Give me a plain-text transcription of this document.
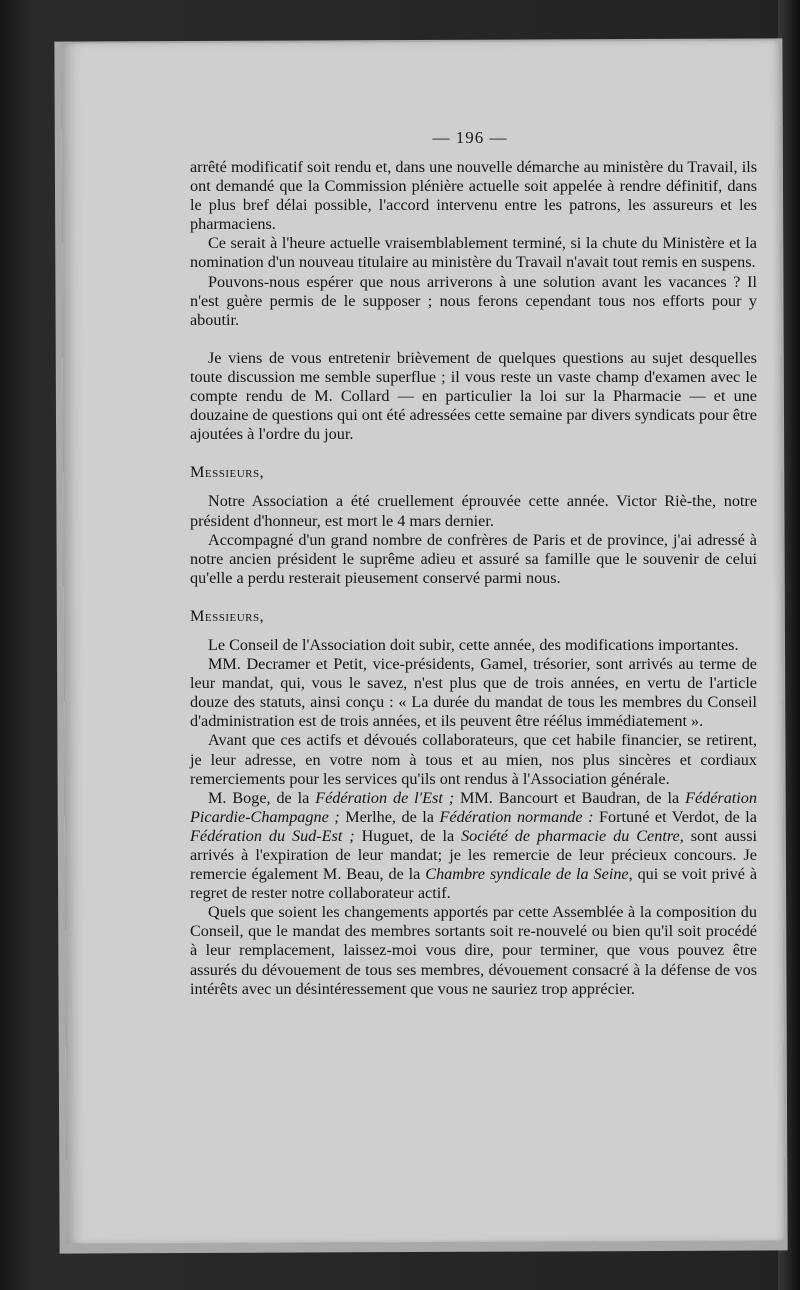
— 196 —

arrêté modificatif soit rendu et, dans une nouvelle démarche au ministère du Travail, ils ont demandé que la Commission plénière actuelle soit appelée à rendre définitif, dans le plus bref délai possible, l'accord intervenu entre les patrons, les assureurs et les pharmaciens.

Ce serait à l'heure actuelle vraisemblablement terminé, si la chute du Ministère et la nomination d'un nouveau titulaire au ministère du Travail n'avait tout remis en suspens.

Pouvons-nous espérer que nous arriverons à une solution avant les vacances ? Il n'est guère permis de le supposer ; nous ferons cependant tous nos efforts pour y aboutir.

Je viens de vous entretenir brièvement de quelques questions au sujet desquelles toute discussion me semble superflue ; il vous reste un vaste champ d'examen avec le compte rendu de M. Collard — en particulier la loi sur la Pharmacie — et une douzaine de questions qui ont été adressées cette semaine par divers syndicats pour être ajoutées à l'ordre du jour.

Messieurs,

Notre Association a été cruellement éprouvée cette année. Victor Riè-the, notre président d'honneur, est mort le 4 mars dernier.

Accompagné d'un grand nombre de confrères de Paris et de province, j'ai adressé à notre ancien président le suprême adieu et assuré sa famille que le souvenir de celui qu'elle a perdu resterait pieusement conservé parmi nous.

Messieurs,

Le Conseil de l'Association doit subir, cette année, des modifications importantes.

MM. Decramer et Petit, vice-présidents, Gamel, trésorier, sont arrivés au terme de leur mandat, qui, vous le savez, n'est plus que de trois années, en vertu de l'article douze des statuts, ainsi conçu : « La durée du mandat de tous les membres du Conseil d'administration est de trois années, et ils peuvent être réélus immédiatement ».

Avant que ces actifs et dévoués collaborateurs, que cet habile financier, se retirent, je leur adresse, en votre nom à tous et au mien, nos plus sincères et cordiaux remerciements pour les services qu'ils ont rendus à l'Association générale.

M. Boge, de la Fédération de l'Est ; MM. Bancourt et Baudran, de la Fédération Picardie-Champagne ; Merlhe, de la Fédération normande : Fortuné et Verdot, de la Fédération du Sud-Est ; Huguet, de la Société de pharmacie du Centre, sont aussi arrivés à l'expiration de leur mandat; je les remercie de leur précieux concours. Je remercie également M. Beau, de la Chambre syndicale de la Seine, qui se voit privé à regret de rester notre collaborateur actif.

Quels que soient les changements apportés par cette Assemblée à la composition du Conseil, que le mandat des membres sortants soit re-nouvelé ou bien qu'il soit procédé à leur remplacement, laissez-moi vous dire, pour terminer, que vous pouvez être assurés du dévouement de tous ses membres, dévouement consacré à la défense de vos intérêts avec un désintéressement que vous ne sauriez trop apprécier.
